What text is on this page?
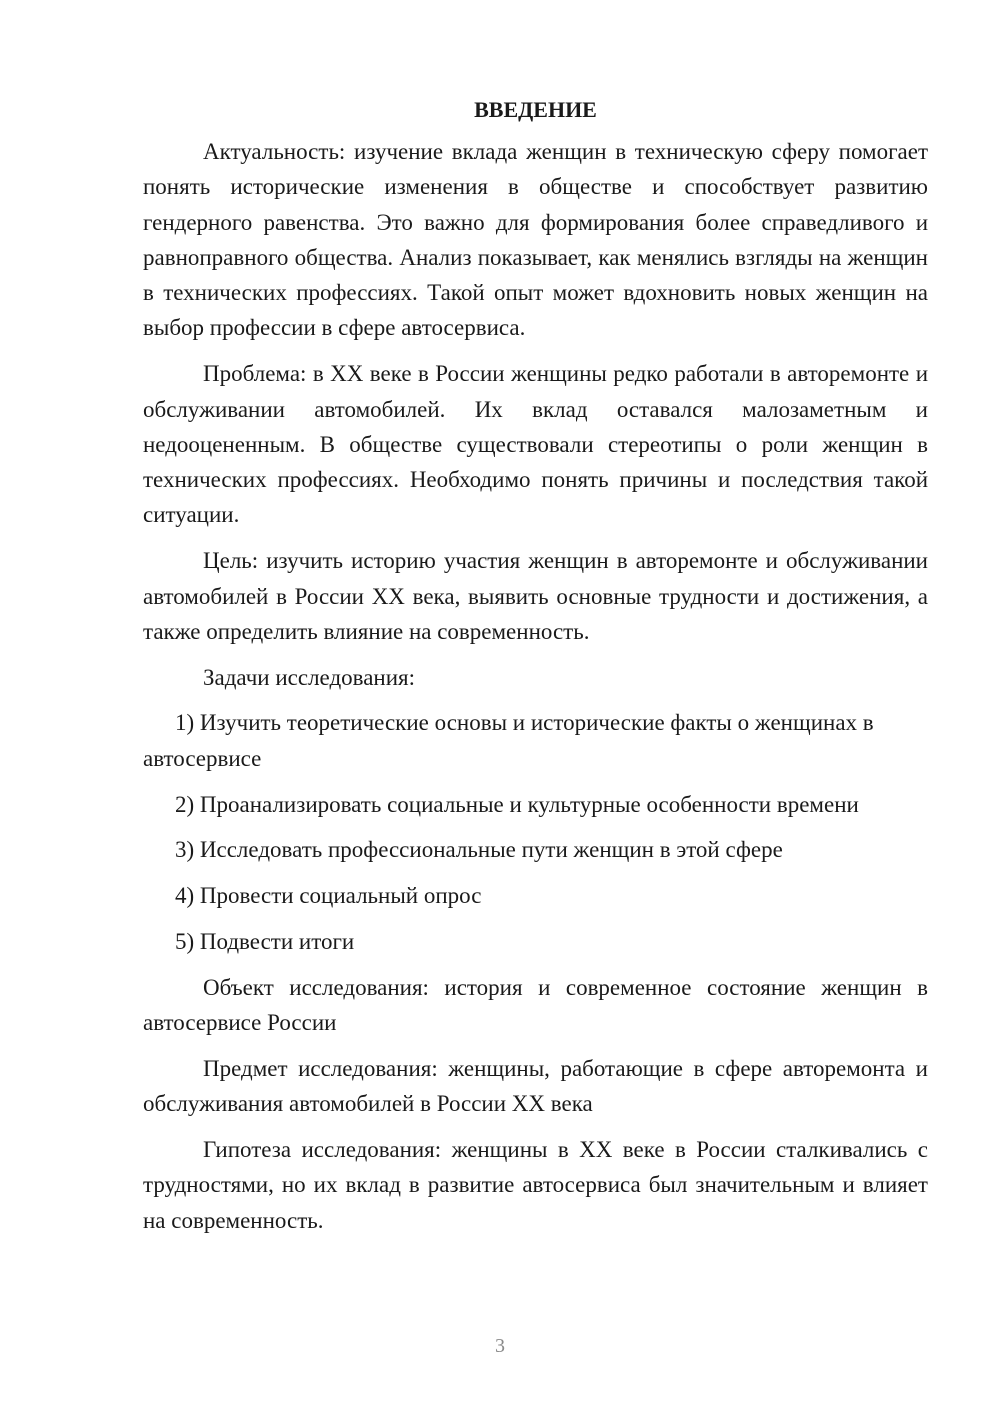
ВВЕДЕНИЕ

Актуальность: изучение вклада женщин в техническую сферу помогает понять исторические изменения в обществе и способствует развитию гендерного равенства. Это важно для формирования более справедливого и равноправного общества. Анализ показывает, как менялись взгляды на женщин в технических профессиях. Такой опыт может вдохновить новых женщин на выбор профессии в сфере автосервиса.

Проблема: в XX веке в России женщины редко работали в авторемонте и обслуживании автомобилей. Их вклад оставался малозаметным и недооцененным. В обществе существовали стереотипы о роли женщин в технических профессиях. Необходимо понять причины и последствия такой ситуации.

Цель: изучить историю участия женщин в авторемонте и обслуживании автомобилей в России XX века, выявить основные трудности и достижения, а также определить влияние на современность.

Задачи исследования:

1) Изучить теоретические основы и исторические факты о женщинах в автосервисе

2) Проанализировать социальные и культурные особенности времени

3) Исследовать профессиональные пути женщин в этой сфере

4) Провести социальный опрос

5) Подвести итоги

Объект исследования: история и современное состояние женщин в автосервисе России

Предмет исследования: женщины, работающие в сфере авторемонта и обслуживания автомобилей в России XX века

Гипотеза исследования: женщины в XX веке в России сталкивались с трудностями, но их вклад в развитие автосервиса был значительным и влияет на современность.

3
